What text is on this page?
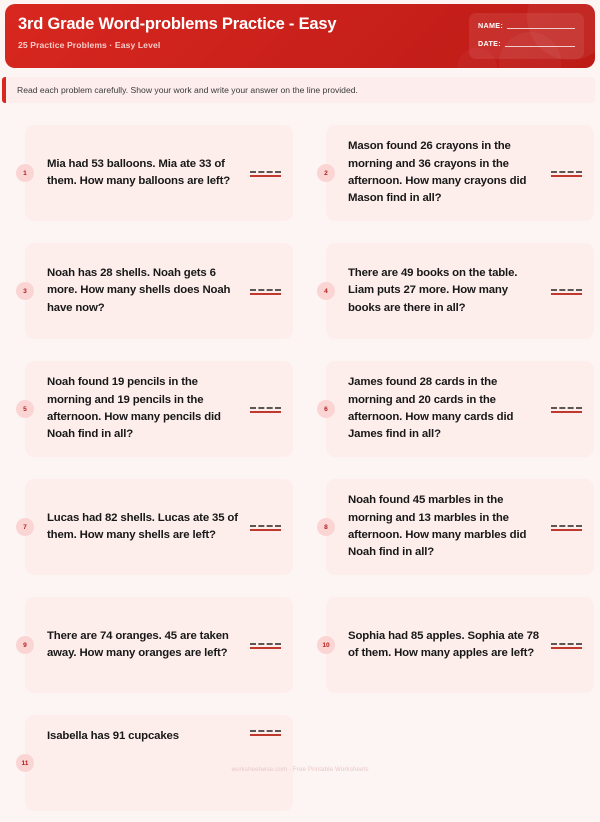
3rd Grade Word-problems Practice - Easy
25 Practice Problems · Easy Level
NAME:
DATE:
Read each problem carefully. Show your work and write your answer on the line provided.
1
Mia had 53 balloons. Mia ate 33 of them. How many balloons are left?
2
Mason found 26 crayons in the morning and 36 crayons in the afternoon. How many crayons did Mason find in all?
3
Noah has 28 shells. Noah gets 6 more. How many shells does Noah have now?
4
There are 49 books on the table. Liam puts 27 more. How many books are there in all?
5
Noah found 19 pencils in the morning and 19 pencils in the afternoon. How many pencils did Noah find in all?
6
James found 28 cards in the morning and 20 cards in the afternoon. How many cards did James find in all?
7
Lucas had 82 shells. Lucas ate 35 of them. How many shells are left?
8
Noah found 45 marbles in the morning and 13 marbles in the afternoon. How many marbles did Noah find in all?
9
There are 74 oranges. 45 are taken away. How many oranges are left?
10
Sophia had 85 apples. Sophia ate 78 of them. How many apples are left?
11
Isabella has 91 cupcakes
worksheetwise.com · Free Printable Worksheets
